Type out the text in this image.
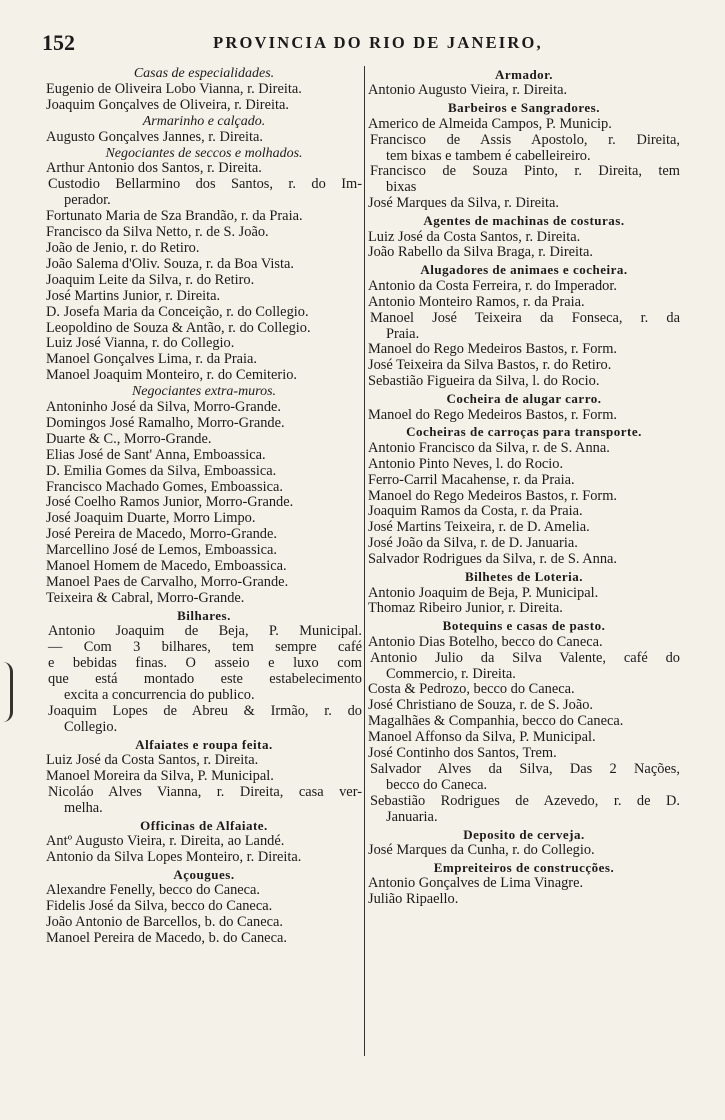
152	PROVINCIA DO RIO DE JANEIRO,

Casas de especialidades.

Eugenio de Oliveira Lobo Vianna, r. Direita.

Joaquim Gonçalves de Oliveira, r. Direita.

Armarinho e calçado.

Augusto Gonçalves Jannes, r. Direita.

Negociantes de seccos e molhados.

Arthur Antonio dos Santos, r. Direita.

Custodio Bellarmino dos Santos, r. do Im-

perador.

Fortunato Maria de Sza Brandão, r. da Praia.

Francisco da Silva Netto, r. de S. João.

João de Jenio, r. do Retiro.

João Salema d'Oliv. Souza, r. da Boa Vista.

Joaquim Leite da Silva, r. do Retiro.

José Martins Junior, r. Direita.

D. Josefa Maria da Conceição, r. do Collegio.

Leopoldino de Souza & Antão, r. do Collegio.

Luiz José Vianna, r. do Collegio.

Manoel Gonçalves Lima, r. da Praia.

Manoel Joaquim Monteiro, r. do Cemiterio.

Negociantes extra-muros.

Antoninho José da Silva, Morro-Grande.

Domingos José Ramalho, Morro-Grande.

Duarte & C., Morro-Grande.

Elias José de Sant' Anna, Emboassica.

D. Emilia Gomes da Silva, Emboassica.

Francisco Machado Gomes, Emboassica.

José Coelho Ramos Junior, Morro-Grande.

José Joaquim Duarte, Morro Limpo.

José Pereira de Macedo, Morro-Grande.

Marcellino José de Lemos, Emboassica.

Manoel Homem de Macedo, Emboassica.

Manoel Paes de Carvalho, Morro-Grande.

Teixeira & Cabral, Morro-Grande.

Bilhares.

Antonio Joaquim de Beja, P. Municipal.

— Com 3 bilhares, tem sempre café

e bebidas finas. O asseio e luxo com

que está montado este estabelecimento

excita a concurrencia do publico.

Joaquim Lopes de Abreu & Irmão, r. do

Collegio.

Alfaiates e roupa feita.

Luiz José da Costa Santos, r. Direita.

Manoel Moreira da Silva, P. Municipal.

Nicoláo Alves Vianna, r. Direita, casa ver-

melha.

Officinas de Alfaiate.

Antº Augusto Vieira, r. Direita, ao Landé.

Antonio da Silva Lopes Monteiro, r. Direita.

Açougues.

Alexandre Fenelly, becco do Caneca.

Fidelis José da Silva, becco do Caneca.

João Antonio de Barcellos, b. do Caneca.

Manoel Pereira de Macedo, b. do Caneca.

Armador.

Antonio Augusto Vieira, r. Direita.

Barbeiros e Sangradores.

Americo de Almeida Campos, P. Municip.

Francisco de Assis Apostolo, r. Direita,

tem bixas e tambem é cabelleireiro.

Francisco de Souza Pinto, r. Direita, tem

bixas

José Marques da Silva, r. Direita.

Agentes de machinas de costuras.

Luiz José da Costa Santos, r. Direita.

João Rabello da Silva Braga, r. Direita.

Alugadores de animaes e cocheira.

Antonio da Costa Ferreira, r. do Imperador.

Antonio Monteiro Ramos, r. da Praia.

Manoel José Teixeira da Fonseca, r. da

Praia.

Manoel do Rego Medeiros Bastos, r. Form.

José Teixeira da Silva Bastos, r. do Retiro.

Sebastião Figueira da Silva, l. do Rocio.

Cocheira de alugar carro.

Manoel do Rego Medeiros Bastos, r. Form.

Cocheiras de carroças para transporte.

Antonio Francisco da Silva, r. de S. Anna.

Antonio Pinto Neves, l. do Rocio.

Ferro-Carril Macahense, r. da Praia.

Manoel do Rego Medeiros Bastos, r. Form.

Joaquim Ramos da Costa, r. da Praia.

José Martins Teixeira, r. de D. Amelia.

José João da Silva, r. de D. Januaria.

Salvador Rodrigues da Silva, r. de S. Anna.

Bilhetes de Loteria.

Antonio Joaquim de Beja, P. Municipal.

Thomaz Ribeiro Junior, r. Direita.

Botequins e casas de pasto.

Antonio Dias Botelho, becco do Caneca.

Antonio Julio da Silva Valente, café do

Commercio, r. Direita.

Costa & Pedrozo, becco do Caneca.

José Christiano de Souza, r. de S. João.

Magalhães & Companhia, becco do Caneca.

Manoel Affonso da Silva, P. Municipal.

José Continho dos Santos, Trem.

Salvador Alves da Silva, Das 2 Nações,

becco do Caneca.

Sebastião Rodrigues de Azevedo, r. de D.

Januaria.

Deposito de cerveja.

José Marques da Cunha, r. do Collegio.

Empreiteiros de construcções.

Antonio Gonçalves de Lima Vinagre.

Julião Ripaello.
